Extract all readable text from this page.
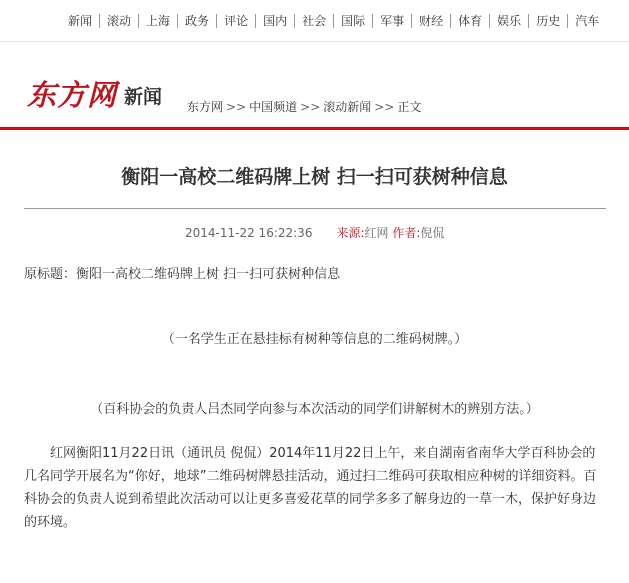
新闻	滚动	上海	政务	评论	国内	社会	国际	军事	财经	体育	娱乐	历史	汽车
东方网 新闻 东方网 >> 中国频道 >> 滚动新闻 >> 正文
衡阳一高校二维码牌上树 扫一扫可获树种信息
2014-11-22 16:22:36 来源:红网 作者:倪侃
原标题：衡阳一高校二维码牌上树 扫一扫可获树种信息
（一名学生正在悬挂标有树种等信息的二维码树牌。）
（百科协会的负责人吕杰同学向参与本次活动的同学们讲解树木的辨别方法。）
红网衡阳11月22日讯（通讯员 倪侃）2014年11月22日上午，来自湖南省南华大学百科协会的几名同学开展名为“你好，地球”二维码树牌悬挂活动，通过扫二维码可获取相应种树的详细资料。百科协会的负责人说到希望此次活动可以让更多喜爱花草的同学多多了解身边的一草一木，保护好身边的环境。
